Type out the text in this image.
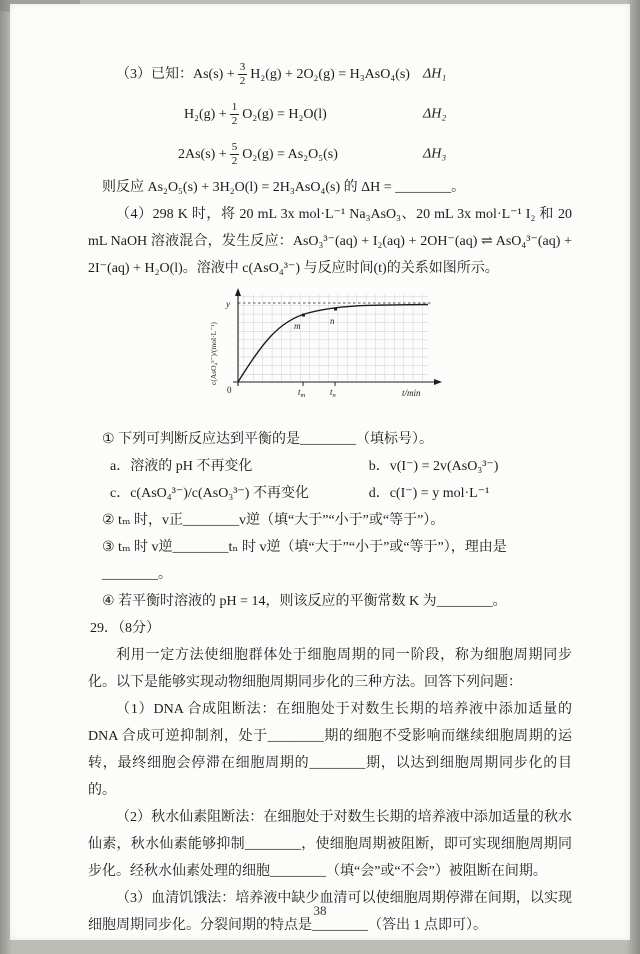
（3）已知：$As(s) + \frac{3}{2} H_2(g) + 2O_2(g) = H_3AsO_4(s)$ ΔH₁
$H_2(g) + \frac{1}{2} O_2(g) = H_2O(l)$	ΔH₂
$2As(s) + \frac{5}{2} O_2(g) = As_2O_5(s)$	ΔH₃
则反应 As₂O₅(s) + 3H₂O(l) = 2H₃AsO₄(s) 的 ΔH = ________。
（4）298 K 时，将 20 mL 3x mol·L⁻¹ Na₃AsO₃、20 mL 3x mol·L⁻¹ I₂ 和 20 mL NaOH 溶液混合，发生反应：AsO₃³⁻(aq) + I₂(aq) + 2OH⁻(aq) ⇌ AsO₄³⁻(aq) + 2I⁻(aq) + H₂O(l)。溶液中 c(AsO₄³⁻) 与反应时间(t)的关系如图所示。
m	n
y
0	t/min
$t_m$	$t_n$
c(AsO₄³⁻)/(mol·L⁻¹)
① 下列可判断反应达到平衡的是________（填标号）。
a．溶液的 pH 不再变化	b．v(I⁻) = 2v(AsO₃³⁻)
c．c(AsO₄³⁻)/c(AsO₃³⁻) 不再变化	d．c(I⁻) = y mol·L⁻¹
② tₘ 时，v正________v逆（填“大于”“小于”或“等于”）。
③ tₘ 时 v逆________tₙ 时 v逆（填“大于”“小于”或“等于”），理由是________。
④ 若平衡时溶液的 pH = 14，则该反应的平衡常数 K 为________。
29．（8分）
利用一定方法使细胞群体处于细胞周期的同一阶段，称为细胞周期同步化。以下是能够实现动物细胞周期同步化的三种方法。回答下列问题：
（1）DNA 合成阻断法：在细胞处于对数生长期的培养液中添加适量的 DNA 合成可逆抑制剂，处于________期的细胞不受影响而继续细胞周期的运转，最终细胞会停滞在细胞周期的________期，以达到细胞周期同步化的目的。
（2）秋水仙素阻断法：在细胞处于对数生长期的培养液中添加适量的秋水仙素，秋水仙素能够抑制________，使细胞周期被阻断，即可实现细胞周期同步化。经秋水仙素处理的细胞________（填“会”或“不会”）被阻断在间期。
（3）血清饥饿法：培养液中缺少血清可以使细胞周期停滞在间期，以实现细胞周期同步化。分裂间期的特点是________（答出 1 点即可）。
38
